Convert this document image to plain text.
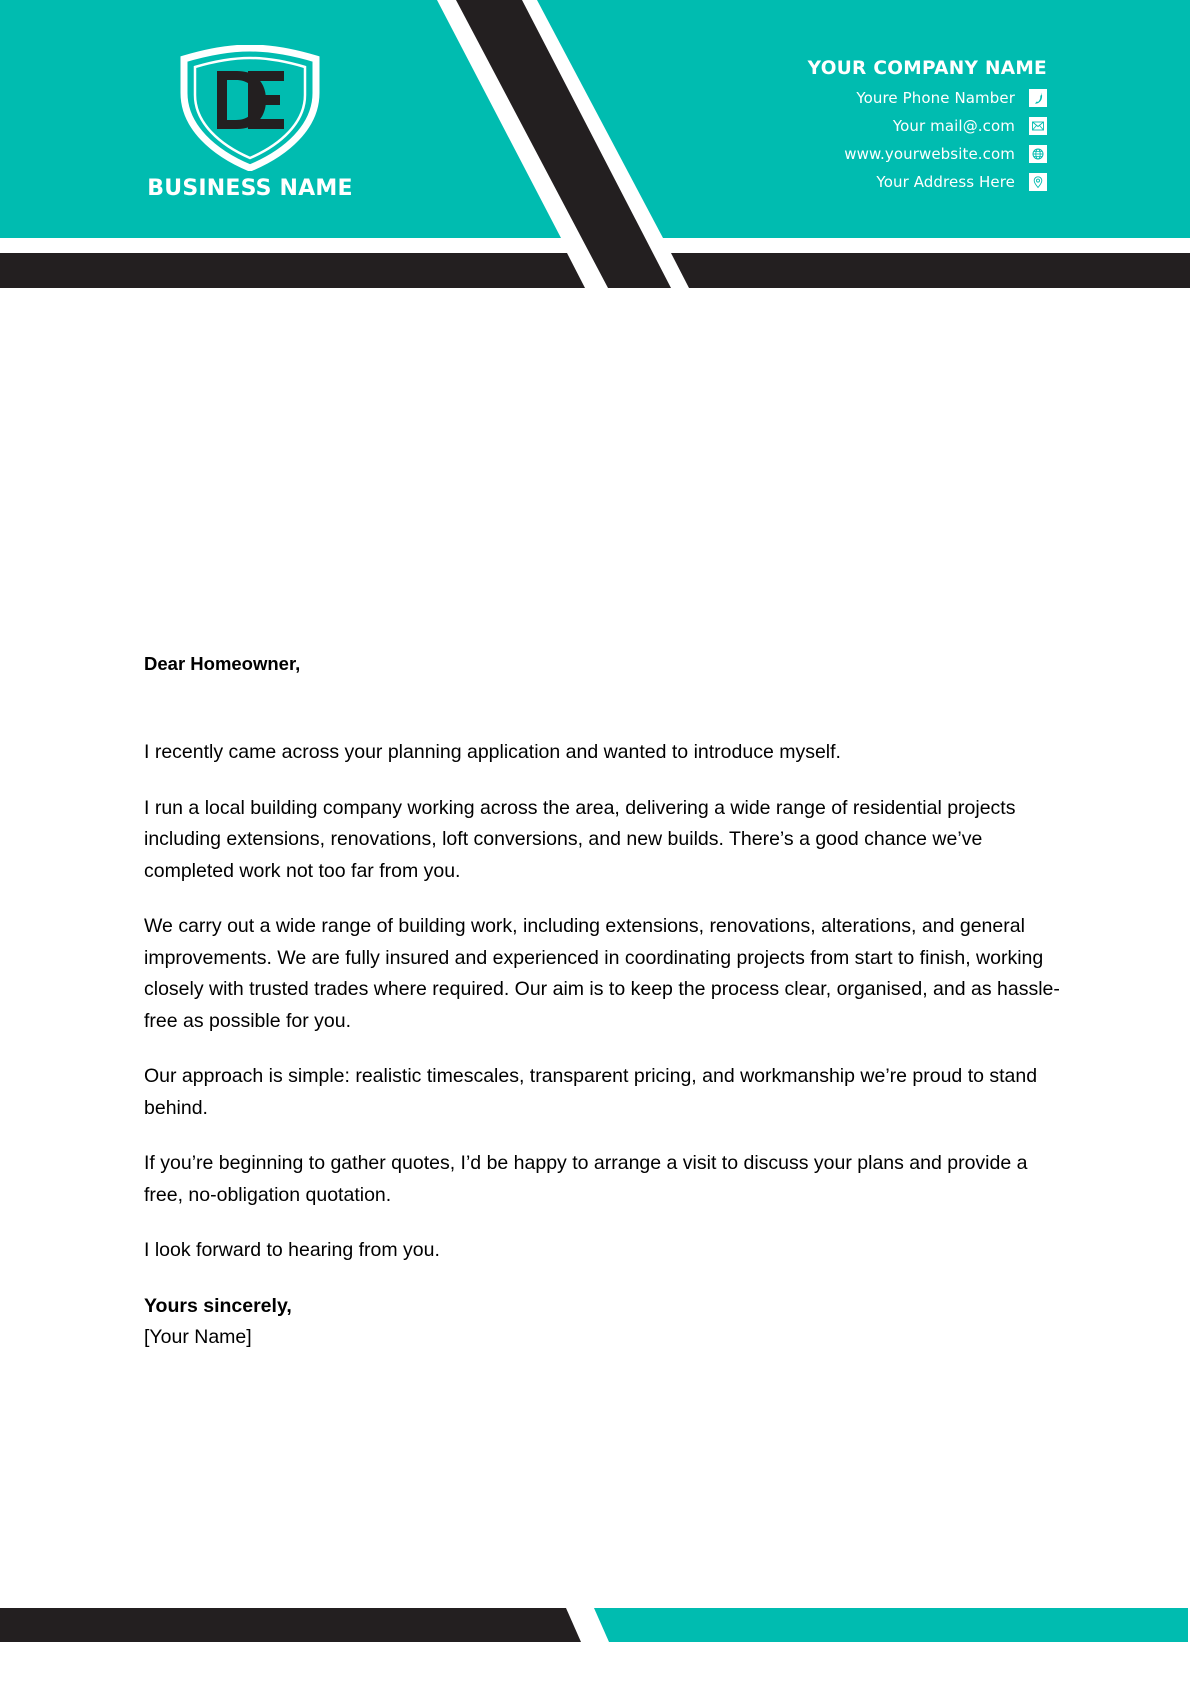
BUSINESS NAME
YOUR COMPANY NAME
Youre Phone Namber
Your mail@.com
www.yourwebsite.com
Your Address Here

Dear Homeowner,

I recently came across your planning application and wanted to introduce myself.

I run a local building company working across the area, delivering a wide range of residential projects including extensions, renovations, loft conversions, and new builds. There’s a good chance we’ve completed work not too far from you.

We carry out a wide range of building work, including extensions, renovations, alterations, and general improvements. We are fully insured and experienced in coordinating projects from start to finish, working closely with trusted trades where required. Our aim is to keep the process clear, organised, and as hassle-free as possible for you.

Our approach is simple: realistic timescales, transparent pricing, and workmanship we’re proud to stand behind.

If you’re beginning to gather quotes, I’d be happy to arrange a visit to discuss your plans and provide a free, no-obligation quotation.

I look forward to hearing from you.

Yours sincerely,

[Your Name]
